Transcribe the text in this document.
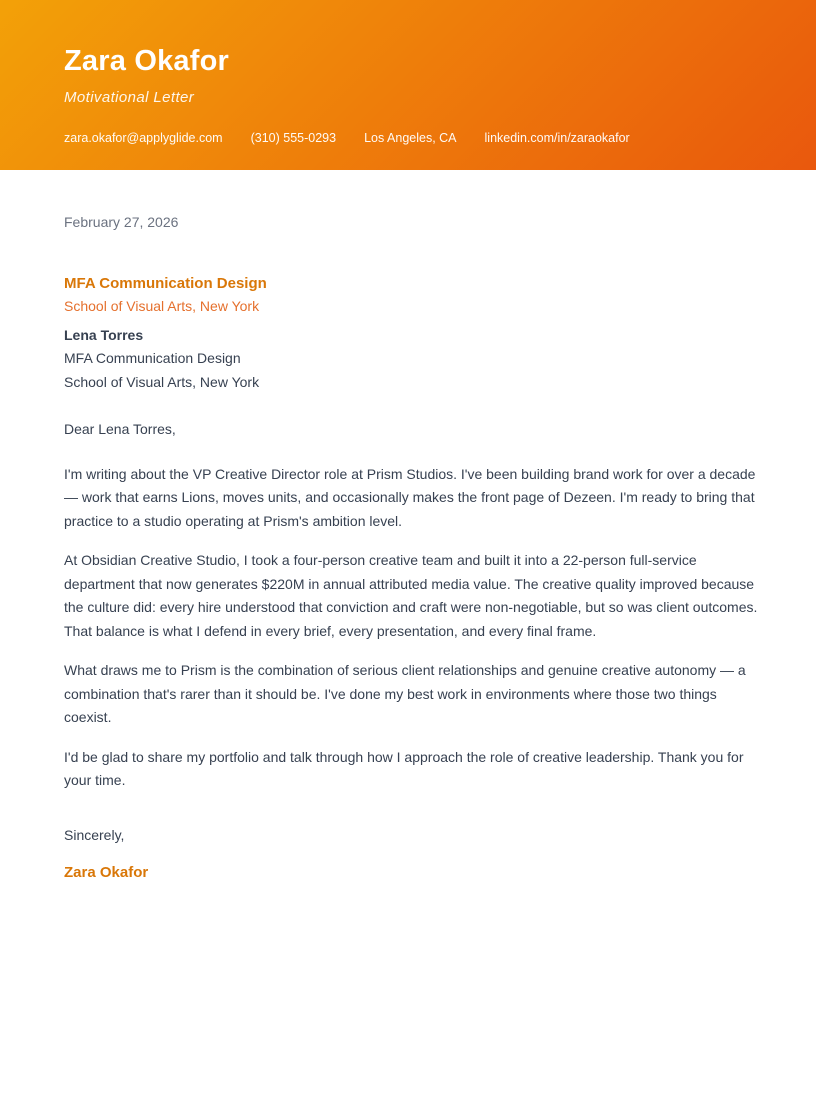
Zara Okafor
Motivational Letter
zara.okafor@applyglide.com (310) 555-0293 Los Angeles, CA linkedin.com/in/zaraokafor
February 27, 2026
MFA Communication Design
School of Visual Arts, New York
Lena Torres
MFA Communication Design
School of Visual Arts, New York

Dear Lena Torres,

I'm writing about the VP Creative Director role at Prism Studios. I've been building brand work for over a decade — work that earns Lions, moves units, and occasionally makes the front page of Dezeen. I'm ready to bring that practice to a studio operating at Prism's ambition level.

At Obsidian Creative Studio, I took a four-person creative team and built it into a 22-person full-service department that now generates $220M in annual attributed media value. The creative quality improved because the culture did: every hire understood that conviction and craft were non-negotiable, but so was client outcomes. That balance is what I defend in every brief, every presentation, and every final frame.

What draws me to Prism is the combination of serious client relationships and genuine creative autonomy — a combination that's rarer than it should be. I've done my best work in environments where those two things coexist.

I'd be glad to share my portfolio and talk through how I approach the role of creative leadership. Thank you for your time.

Sincerely,

Zara Okafor
